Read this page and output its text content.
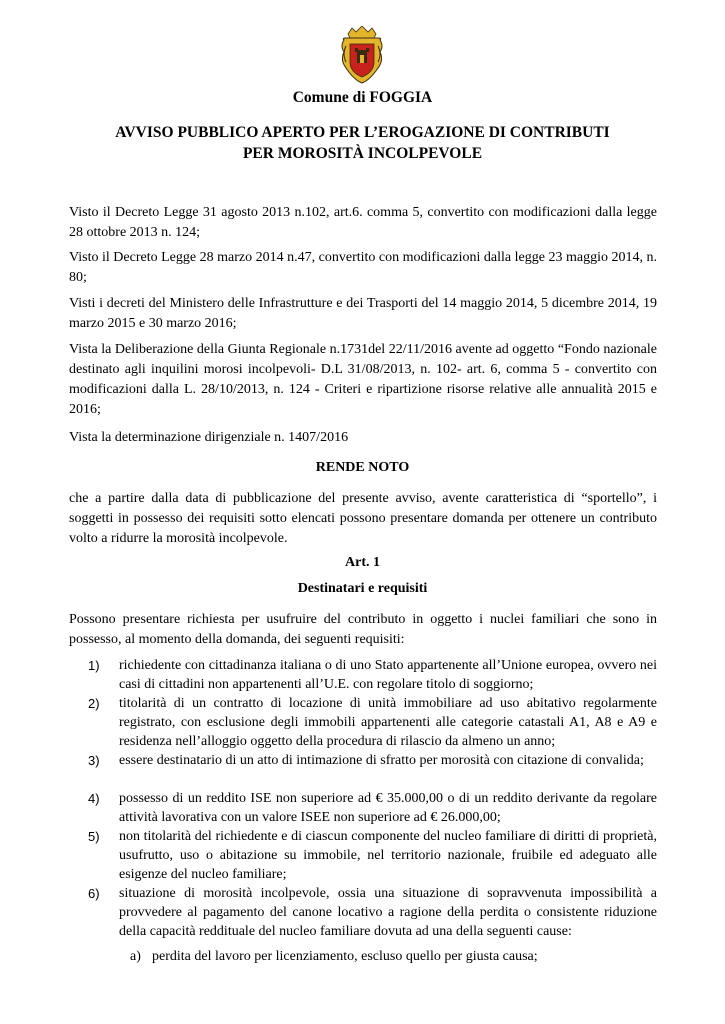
Comune di FOGGIA
AVVISO PUBBLICO APERTO PER L’EROGAZIONE DI CONTRIBUTI
PER MOROSITÀ INCOLPEVOLE
Visto il Decreto Legge 31 agosto 2013 n.102, art.6. comma 5, convertito con modificazioni dalla legge 28 ottobre 2013 n. 124;
Visto il Decreto Legge 28 marzo 2014 n.47, convertito con modificazioni dalla legge 23 maggio 2014, n. 80;
Visti i decreti del Ministero delle Infrastrutture e dei Trasporti del 14 maggio 2014, 5 dicembre 2014, 19 marzo 2015 e 30 marzo 2016;
Vista la Deliberazione della Giunta Regionale n.1731del 22/11/2016 avente ad oggetto “Fondo nazionale destinato agli inquilini morosi incolpevoli- D.L 31/08/2013, n. 102- art. 6, comma 5 - convertito con modificazioni dalla L. 28/10/2013, n. 124 - Criteri e ripartizione risorse relative alle annualità 2015 e 2016;
Vista la determinazione dirigenziale n. 1407/2016
RENDE NOTO
che a partire dalla data di pubblicazione del presente avviso, avente caratteristica di “sportello”, i soggetti in possesso dei requisiti sotto elencati possono presentare domanda per ottenere un contributo volto a ridurre la morosità incolpevole.
Art. 1
Destinatari e requisiti
Possono presentare richiesta per usufruire del contributo in oggetto i nuclei familiari che sono in possesso, al momento della domanda, dei seguenti requisiti:
1)	richiedente con cittadinanza italiana o di uno Stato appartenente all’Unione europea, ovvero nei casi di cittadini non appartenenti all’U.E. con regolare titolo di soggiorno;
2)	titolarità di un contratto di locazione di unità immobiliare ad uso abitativo regolarmente registrato, con esclusione degli immobili appartenenti alle categorie catastali A1, A8 e A9 e residenza nell’alloggio oggetto della procedura di rilascio da almeno un anno;
3)	essere destinatario di un atto di intimazione di sfratto per morosità con citazione di convalida;
4)	possesso di un reddito ISE non superiore ad € 35.000,00 o di un reddito derivante da regolare attività lavorativa con un valore ISEE non superiore ad € 26.000,00;
5)	non titolarità del richiedente e di ciascun componente del nucleo familiare di diritti di proprietà, usufrutto, uso o abitazione su immobile, nel territorio nazionale, fruibile ed adeguato alle esigenze del nucleo familiare;
6)	situazione di morosità incolpevole, ossia una situazione di sopravvenuta impossibilità a provvedere al pagamento del canone locativo a ragione della perdita o consistente riduzione della capacità reddituale del nucleo familiare dovuta ad una della seguenti cause:
a) perdita del lavoro per licenziamento, escluso quello per giusta causa;
